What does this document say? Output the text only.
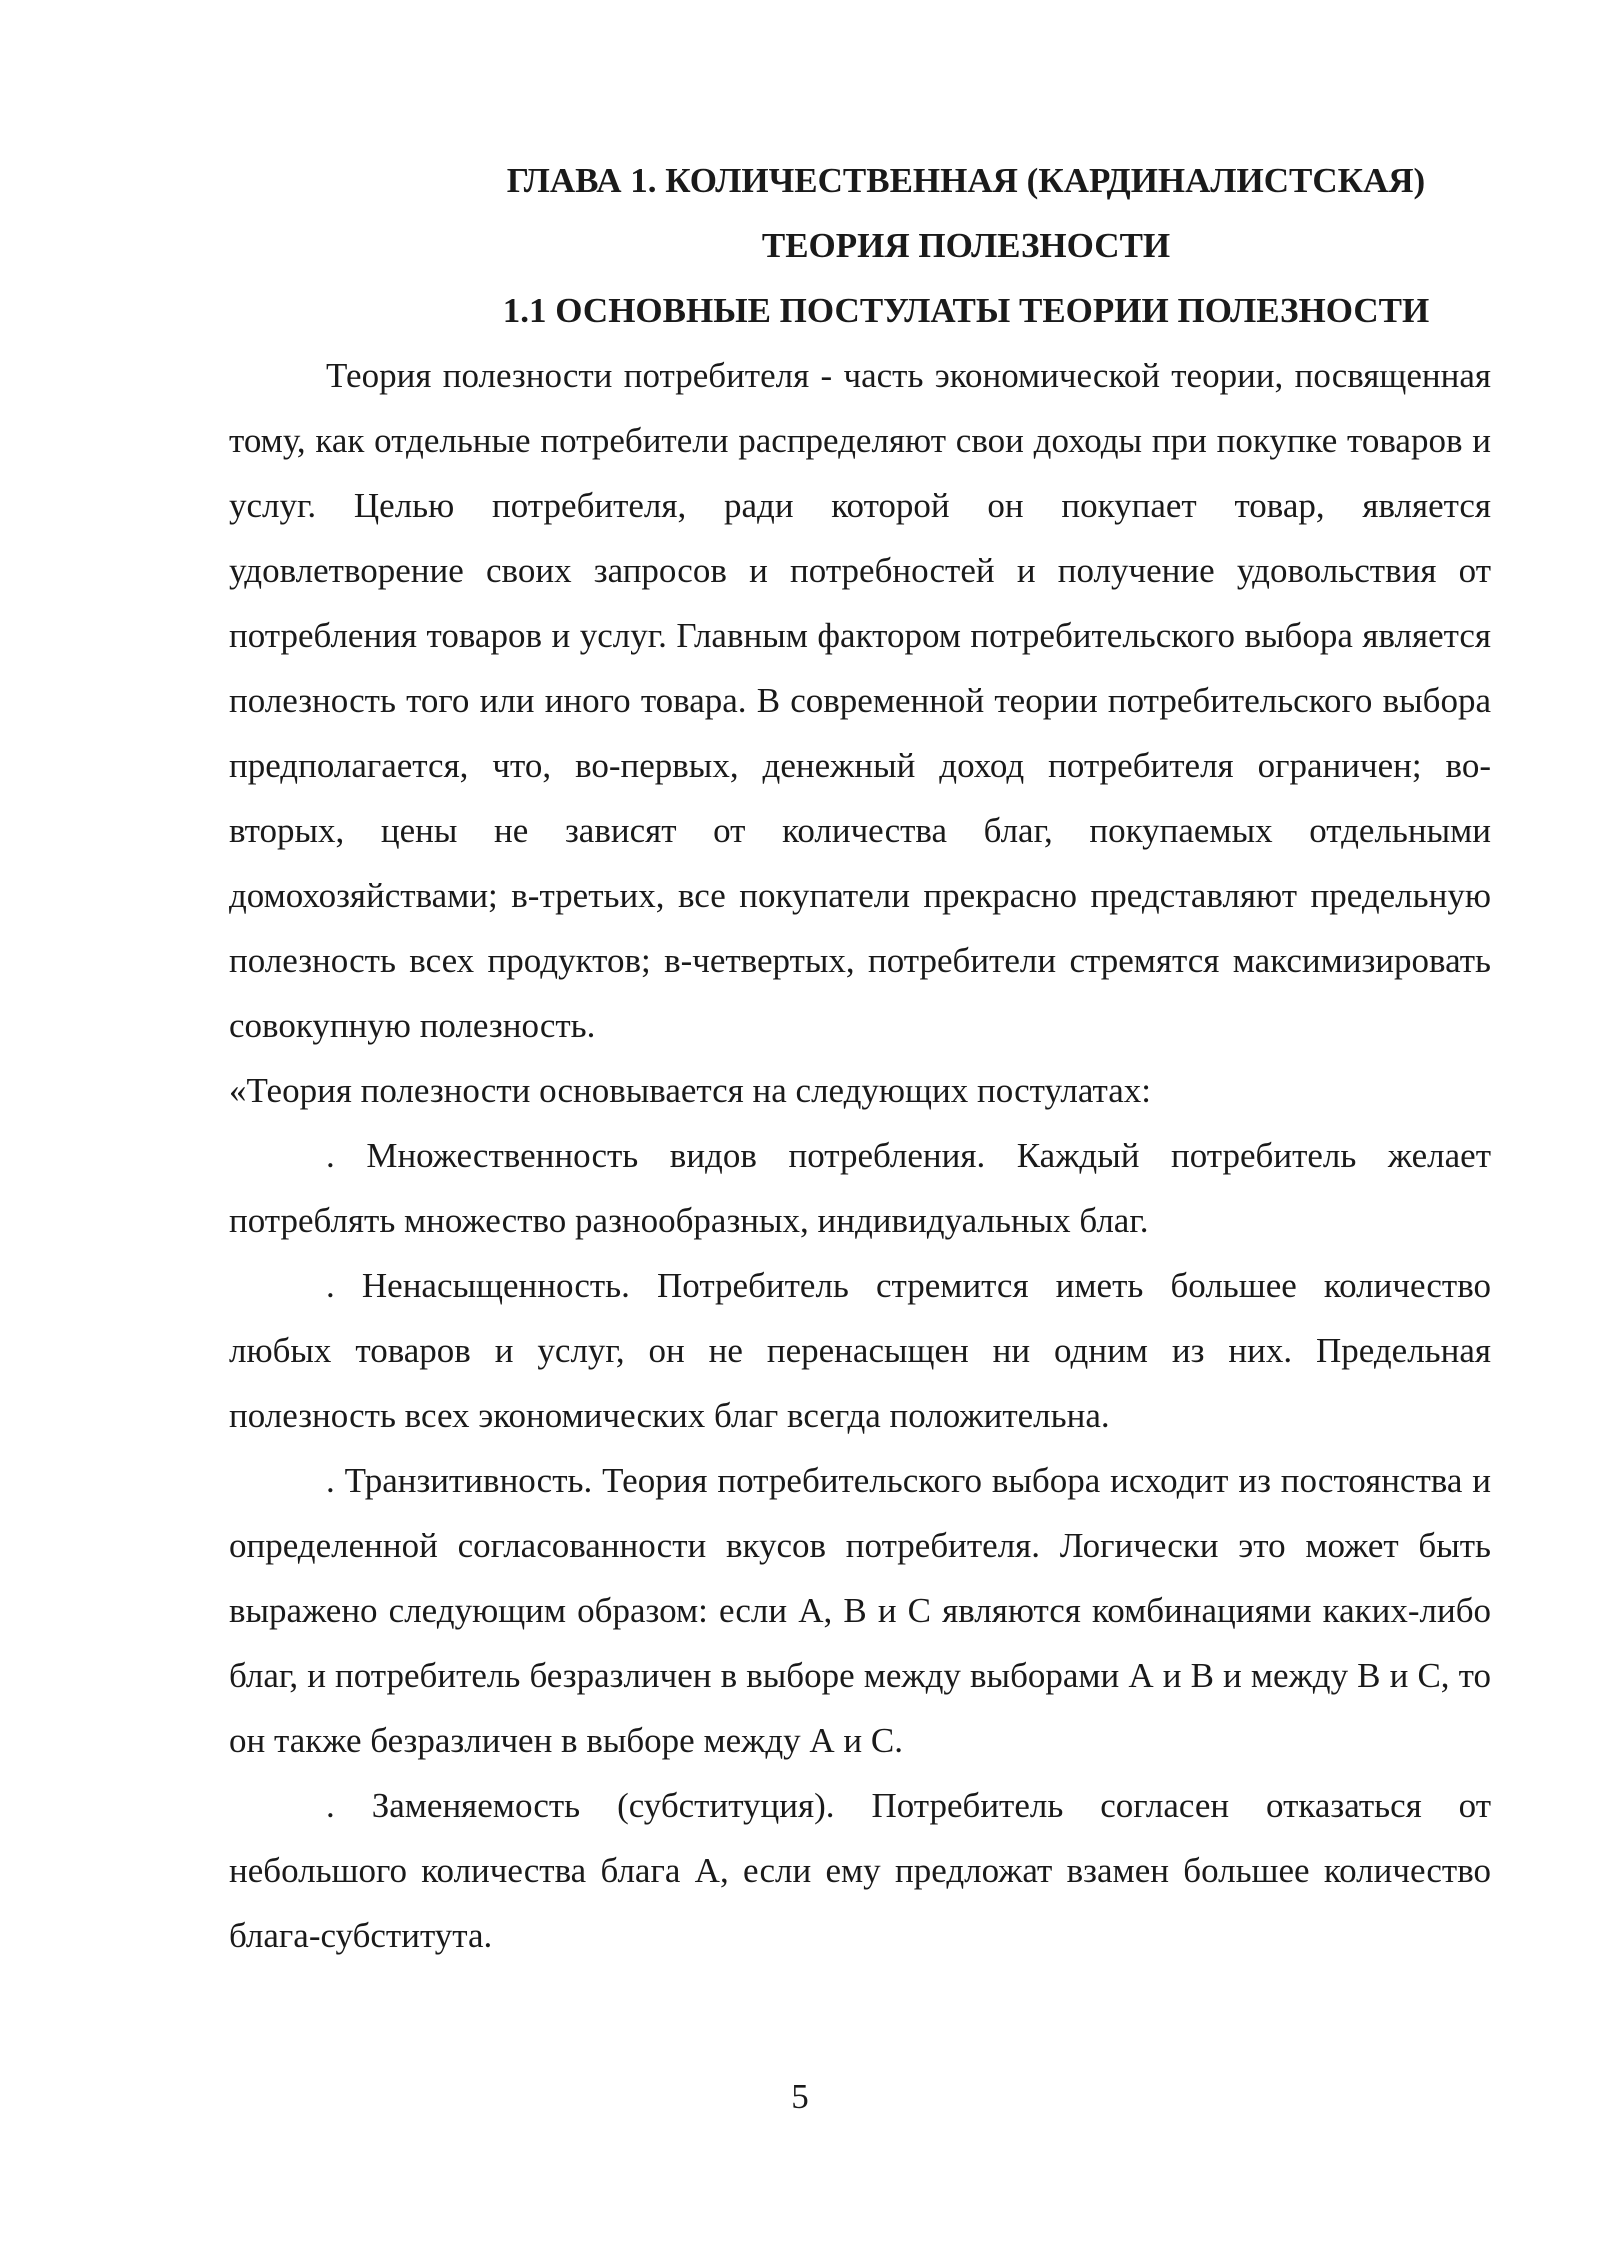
ГЛАВА 1. КОЛИЧЕСТВЕННАЯ (КАРДИНАЛИСТСКАЯ)
ТЕОРИЯ ПОЛЕЗНОСТИ
1.1 ОСНОВНЫЕ ПОСТУЛАТЫ ТЕОРИИ ПОЛЕЗНОСТИ

Теория полезности потребителя - часть экономической теории, посвященная тому, как отдельные потребители распределяют свои доходы при покупке товаров и услуг. Целью потребителя, ради которой он покупает товар, является удовлетворение своих запросов и потребностей и получение удовольствия от потребления товаров и услуг. Главным фактором потребительского выбора является полезность того или иного товара. В современной теории потребительского выбора предполагается, что, во-первых, денежный доход потребителя ограничен; во-вторых, цены не зависят от количества благ, покупаемых отдельными домохозяйствами; в-третьих, все покупатели прекрасно представляют предельную полезность всех продуктов; в-четвертых, потребители стремятся максимизировать совокупную полезность.

«Теория полезности основывается на следующих постулатах:

. Множественность видов потребления. Каждый потребитель желает потреблять множество разнообразных, индивидуальных благ.

. Ненасыщенность. Потребитель стремится иметь большее количество любых товаров и услуг, он не перенасыщен ни одним из них. Предельная полезность всех экономических благ всегда положительна.

. Транзитивность. Теория потребительского выбора исходит из постоянства и определенной согласованности вкусов потребителя. Логически это может быть выражено следующим образом: если А, В и С являются комбинациями каких-либо благ, и потребитель безразличен в выборе между выборами А и В и между В и С, то он также безразличен в выборе между А и С.

. Заменяемость (субституция). Потребитель согласен отказаться от небольшого количества блага А, если ему предложат взамен большее количество блага-субститута.

5
